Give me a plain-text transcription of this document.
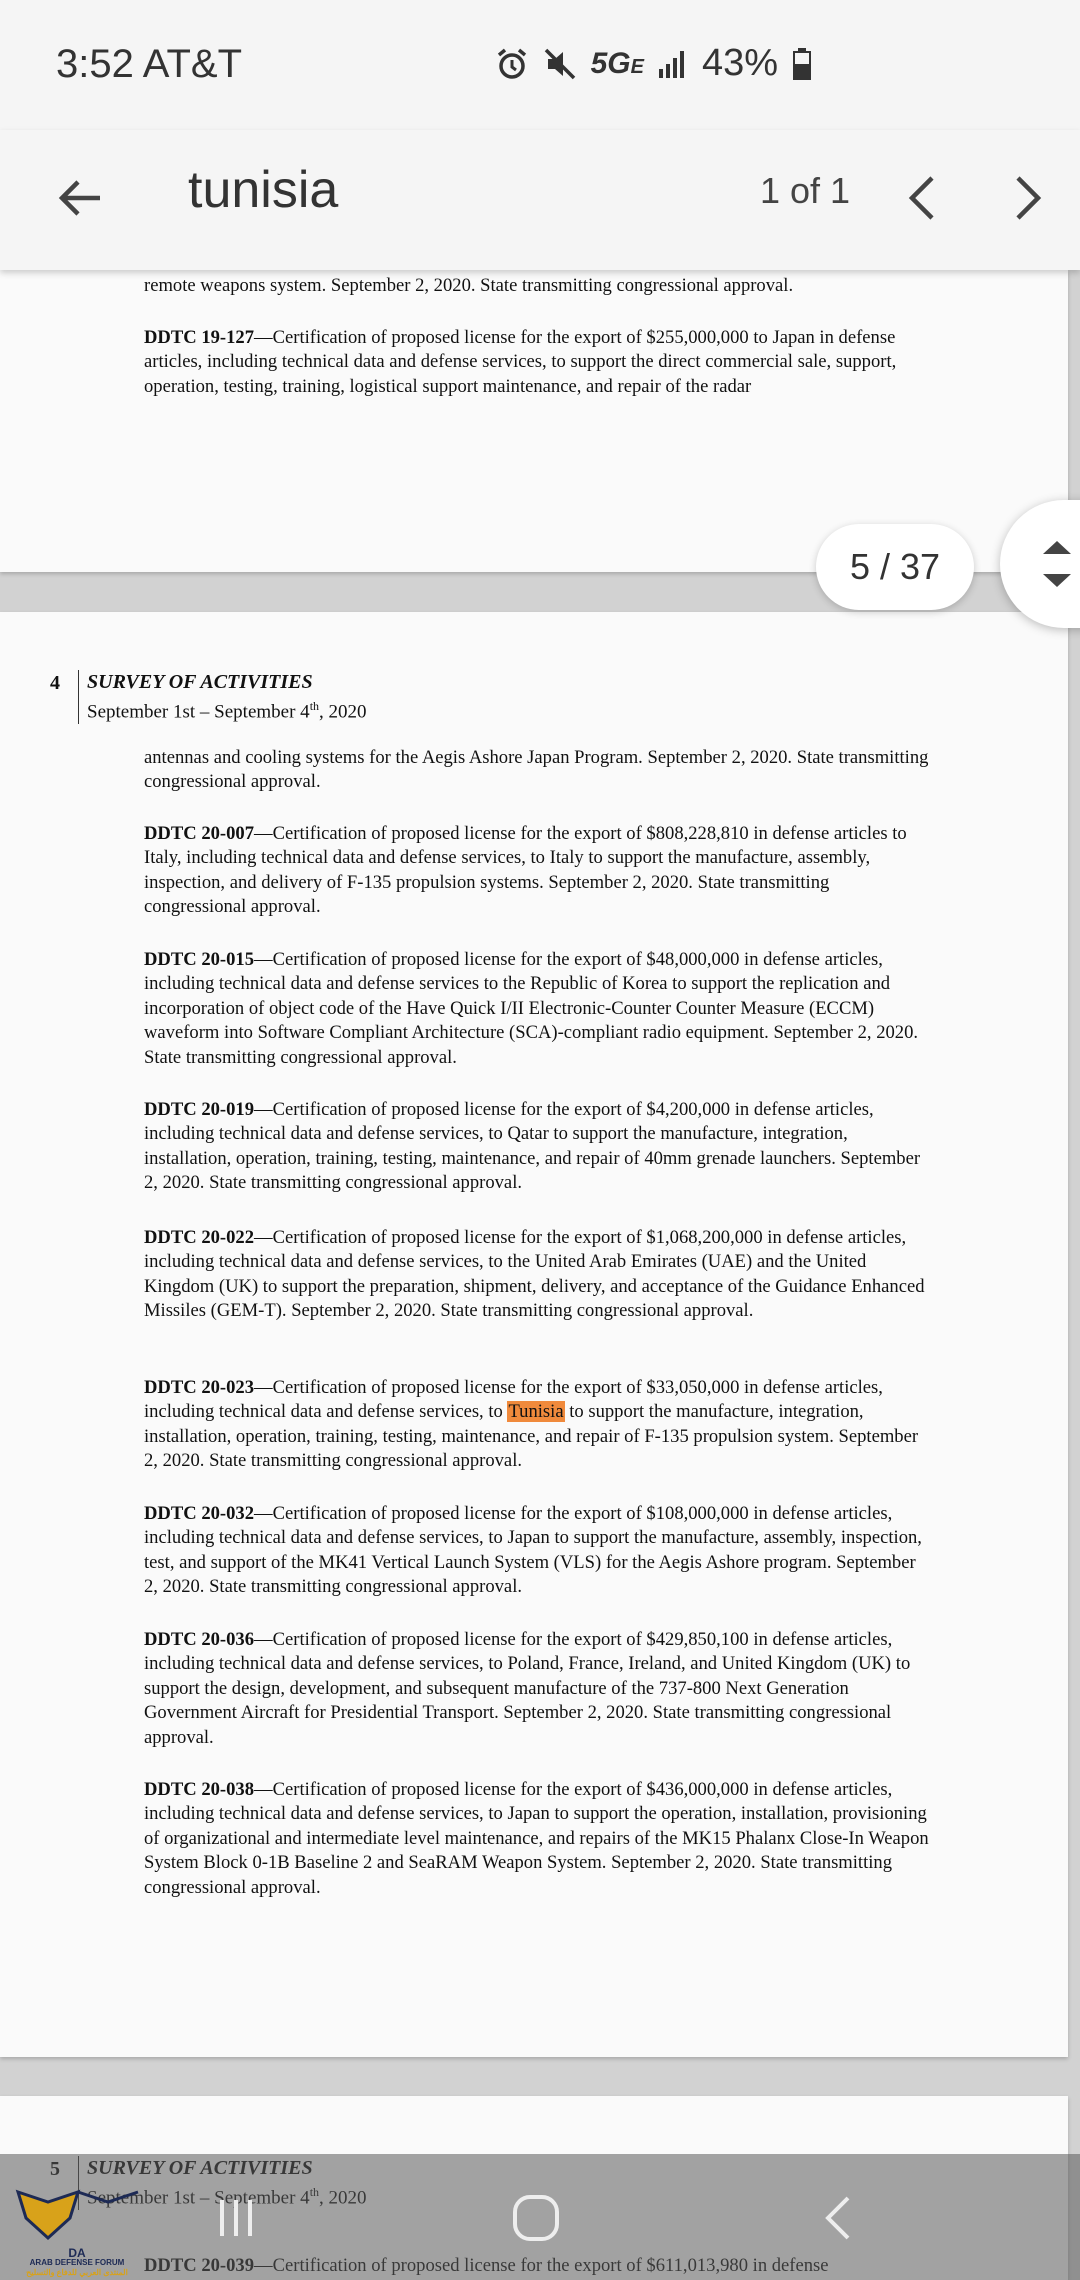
3:52 AT&T	5GE 43%
tunisia	1 of 1
remote weapons system. September 2, 2020. State transmitting congressional approval.
DDTC 19-127—Certification of proposed license for the export of $255,000,000 to Japan in defense articles, including technical data and defense services, to support the direct commercial sale, support, operation, testing, training, logistical support maintenance, and repair of the radar
5 / 37
4 SURVEY OF ACTIVITIES
September 1st – September 4th, 2020
antennas and cooling systems for the Aegis Ashore Japan Program. September 2, 2020. State transmitting congressional approval.
DDTC 20-007—Certification of proposed license for the export of $808,228,810 in defense articles to Italy, including technical data and defense services, to Italy to support the manufacture, assembly, inspection, and delivery of F-135 propulsion systems. September 2, 2020. State transmitting congressional approval.
DDTC 20-015—Certification of proposed license for the export of $48,000,000 in defense articles, including technical data and defense services to the Republic of Korea to support the replication and incorporation of object code of the Have Quick I/II Electronic-Counter Counter Measure (ECCM) waveform into Software Compliant Architecture (SCA)-compliant radio equipment. September 2, 2020. State transmitting congressional approval.
DDTC 20-019—Certification of proposed license for the export of $4,200,000 in defense articles, including technical data and defense services, to Qatar to support the manufacture, integration, installation, operation, training, testing, maintenance, and repair of 40mm grenade launchers. September 2, 2020. State transmitting congressional approval.
DDTC 20-022—Certification of proposed license for the export of $1,068,200,000 in defense articles, including technical data and defense services, to the United Arab Emirates (UAE) and the United Kingdom (UK) to support the preparation, shipment, delivery, and acceptance of the Guidance Enhanced Missiles (GEM-T). September 2, 2020. State transmitting congressional approval.
DDTC 20-023—Certification of proposed license for the export of $33,050,000 in defense articles, including technical data and defense services, to Tunisia to support the manufacture, integration, installation, operation, training, testing, maintenance, and repair of F-135 propulsion system. September 2, 2020. State transmitting congressional approval.
DDTC 20-032—Certification of proposed license for the export of $108,000,000 in defense articles, including technical data and defense services, to Japan to support the manufacture, assembly, inspection, test, and support of the MK41 Vertical Launch System (VLS) for the Aegis Ashore program. September 2, 2020. State transmitting congressional approval.
DDTC 20-036—Certification of proposed license for the export of $429,850,100 in defense articles, including technical data and defense services, to Poland, France, Ireland, and United Kingdom (UK) to support the design, development, and subsequent manufacture of the 737-800 Next Generation Government Aircraft for Presidential Transport. September 2, 2020. State transmitting congressional approval.
DDTC 20-038—Certification of proposed license for the export of $436,000,000 in defense articles, including technical data and defense services, to Japan to support the operation, installation, provisioning of organizational and intermediate level maintenance, and repairs of the MK15 Phalanx Close-In Weapon System Block 0-1B Baseline 2 and SeaRAM Weapon System. September 2, 2020. State transmitting congressional approval.
DA
ARAB DEFENSE FORUM
المنتدى العربي للدفاع والتسليح
